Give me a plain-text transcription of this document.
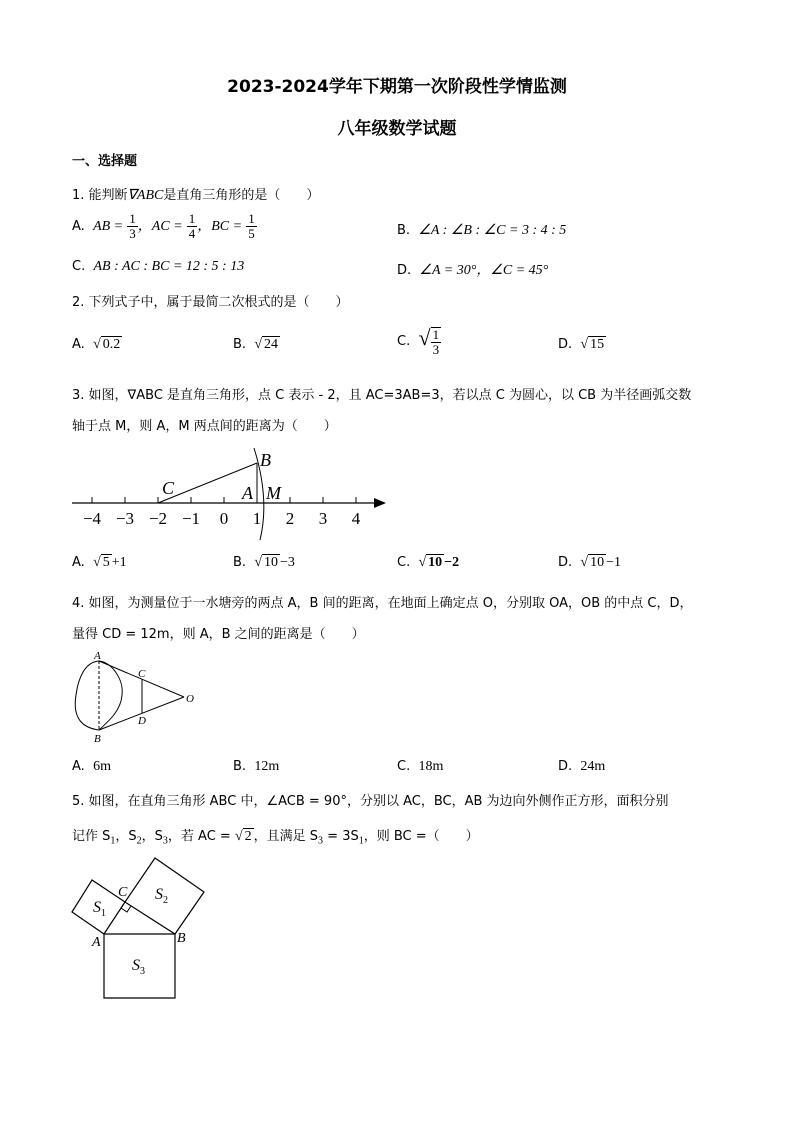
2023-2024学年下期第一次阶段性学情监测
八年级数学试题
一、选择题
1. 能判断∇ABC是直角三角形的是（　　）
A. AB = $\frac{1}{3}$ ，AC = $\frac{1}{4}$ ，BC = $\frac{1}{5}$	B. ∠A : ∠B : ∠C = 3 : 4 : 5
C. AB : AC : BC = 12 : 5 : 13	D. ∠A = 30°，∠C = 45°
2. 下列式子中，属于最简二次根式的是（　　）
A. √ 0.2	B. √ 24	C. √ $\frac{1}{3}$	D. √ 15
3. 如图，∇ABC 是直角三角形，点 C 表示 - 2，且 AC=3AB=3，若以点 C 为圆心，以 CB 为半径画弧交数
轴于点 M，则 A，M 两点间的距离为（　　）
−4 −3 −2 −1 0 1 2 3 4
C
B
A M
A. √ 5 +1	B. √ 10 −3	C. √ 10 −2	D. √ 10 −1
4. 如图，为测量位于一水塘旁的两点 A，B 间的距离，在地面上确定点 O，分别取 OA，OB 的中点 C，D，
量得 CD = 12m，则 A，B 之间的距离是（　　）
A
B
C
D
O
A. 6m	B. 12m	C. 18m	D. 24m
5. 如图，在直角三角形 ABC 中，∠ACB = 90°，分别以 AC，BC，AB 为边向外侧作正方形，面积分别
记作 $S_1$，$S_2$，$S_3$，若 AC = √ 2 ，且满足 $S_3 = 3S_1$，则 BC =（　　）
$S_1$
$S_2$
$S_3$
A	B
C
